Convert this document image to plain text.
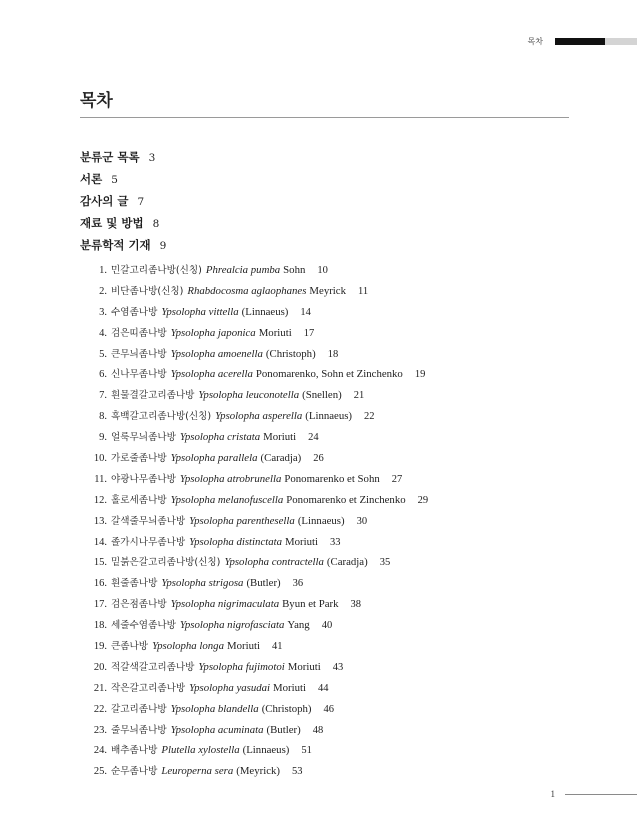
목차
목차
분류군 목록 3
서론 5
감사의 글 7
재료 및 방법 8
분류학적 기재 9
1. 민갈고리좀나방(신칭) Phrealcia pumba Sohn 10
2. 비단좀나방(신칭) Rhabdocosma aglaophanes Meyrick 11
3. 수염좀나방 Ypsolopha vittella (Linnaeus) 14
4. 검은띠좀나방 Ypsolopha japonica Moriuti 17
5. 큰무늬좀나방 Ypsolopha amoenella (Christoph) 18
6. 신나무좀나방 Ypsolopha acerella Ponomarenko, Sohn et Zinchenko 19
7. 흰물결갈고리좀나방 Ypsolopha leuconotella (Snellen) 21
8. 흑백갈고리좀나방(신칭) Ypsolopha asperella (Linnaeus) 22
9. 얼룩무늬좀나방 Ypsolopha cristata Moriuti 24
10. 가로줄좀나방 Ypsolopha parallela (Caradja) 26
11. 야광나무좀나방 Ypsolopha atrobrunella Ponomarenko et Sohn 27
12. 홀로세좀나방 Ypsolopha melanofuscella Ponomarenko et Zinchenko 29
13. 갈색줄무늬좀나방 Ypsolopha parenthesella (Linnaeus) 30
14. 졸가시나무좀나방 Ypsolopha distinctata Moriuti 33
15. 밑붉은갈고리좀나방(신칭) Ypsolopha contractella (Caradja) 35
16. 흰줄좀나방 Ypsolopha strigosa (Butler) 36
17. 검은점좀나방 Ypsolopha nigrimaculata Byun et Park 38
18. 세줄수염좀나방 Ypsolopha nigrofasciata Yang 40
19. 큰좀나방 Ypsolopha longa Moriuti 41
20. 적갈색갈고리좀나방 Ypsolopha fujimotoi Moriuti 43
21. 작은갈고리좀나방 Ypsolopha yasudai Moriuti 44
22. 갈고리좀나방 Ypsolopha blandella (Christoph) 46
23. 줄무늬좀나방 Ypsolopha acuminata (Butler) 48
24. 배추좀나방 Plutella xylostella (Linnaeus) 51
25. 순무좀나방 Leuroperna sera (Meyrick) 53
1
